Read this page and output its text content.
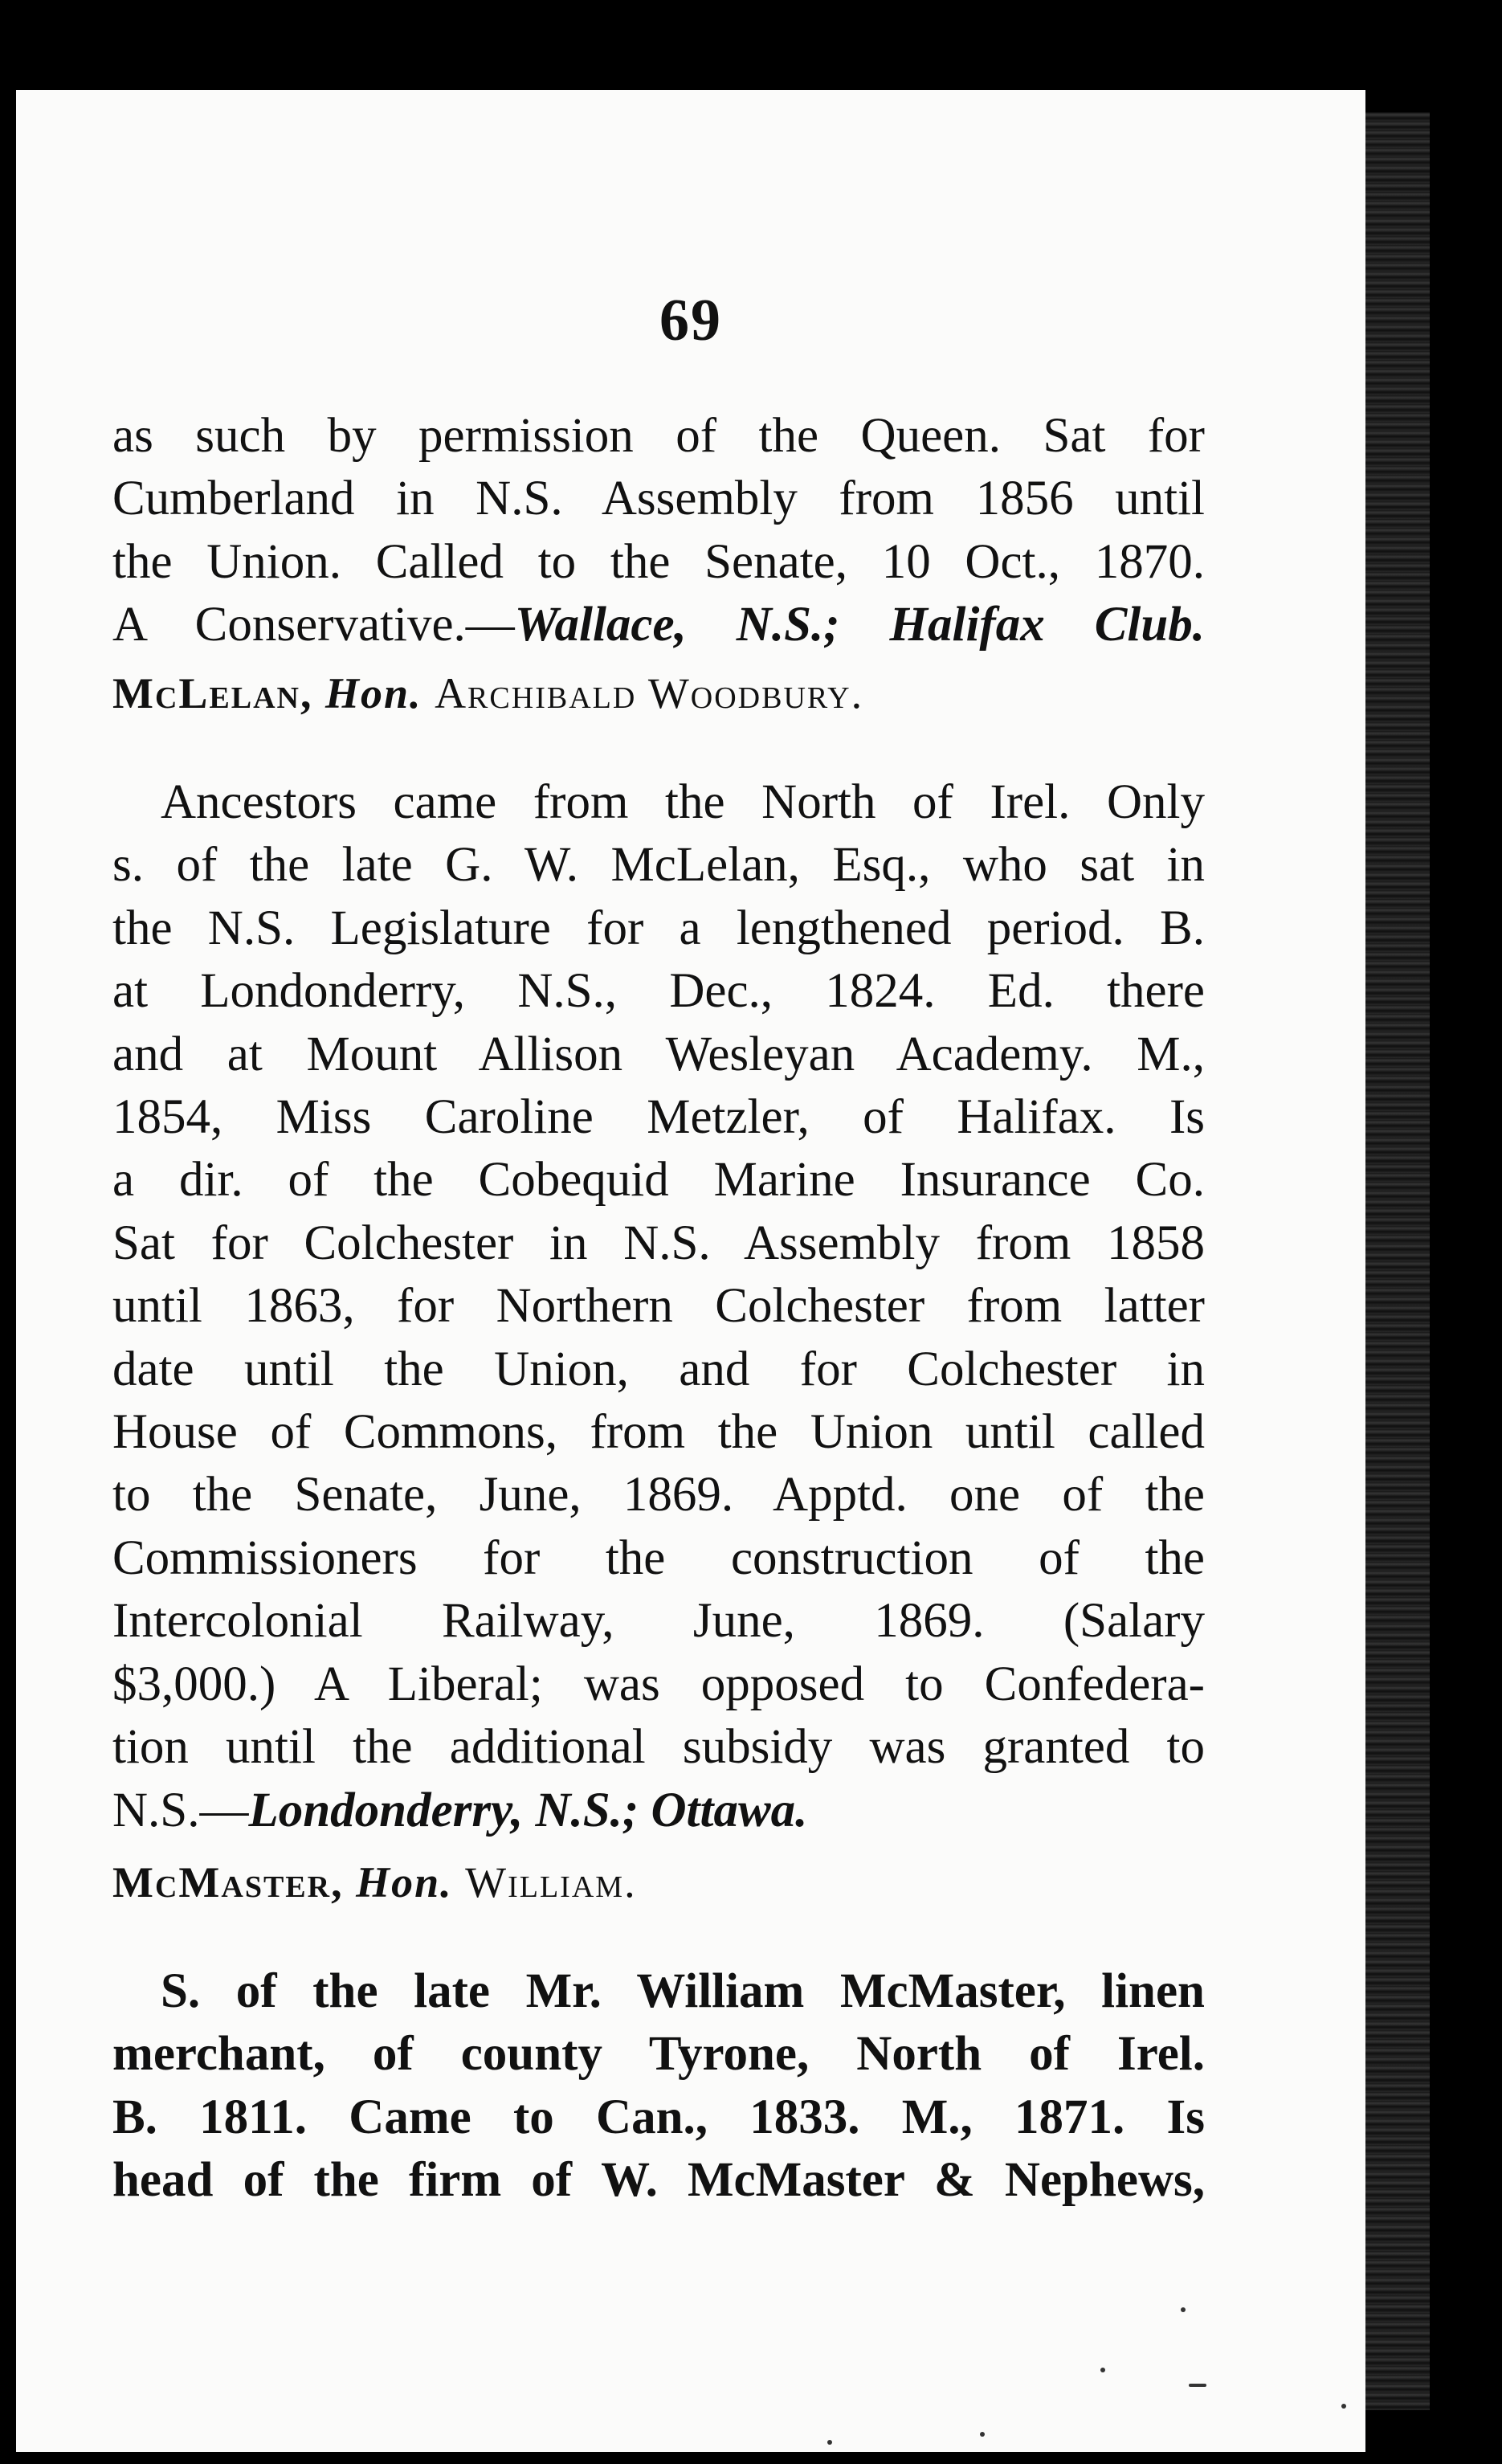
69
as such by permission of the Queen. Sat for
Cumberland in N.S. Assembly from 1856 until
the Union. Called to the Senate, 10 Oct., 1870.
A Conservative.—Wallace, N.S.; Halifax Club.
McLelan, Hon. Archibald Woodbury.
Ancestors came from the North of Irel. Only
s. of the late G. W. McLelan, Esq., who sat in
the N.S. Legislature for a lengthened period. B.
at Londonderry, N.S., Dec., 1824. Ed. there
and at Mount Allison Wesleyan Academy. M.,
1854, Miss Caroline Metzler, of Halifax. Is
a dir. of the Cobequid Marine Insurance Co.
Sat for Colchester in N.S. Assembly from 1858
until 1863, for Northern Colchester from latter
date until the Union, and for Colchester in
House of Commons, from the Union until called
to the Senate, June, 1869. Apptd. one of the
Commissioners for the construction of the
Intercolonial Railway, June, 1869. (Salary
$3,000.) A Liberal; was opposed to Confedera-
tion until the additional subsidy was granted to
N.S.—Londonderry, N.S.; Ottawa.
McMaster, Hon. William.
S. of the late Mr. William McMaster, linen
merchant, of county Tyrone, North of Irel.
B. 1811. Came to Can., 1833. M., 1871. Is
head of the firm of W. McMaster & Nephews,
